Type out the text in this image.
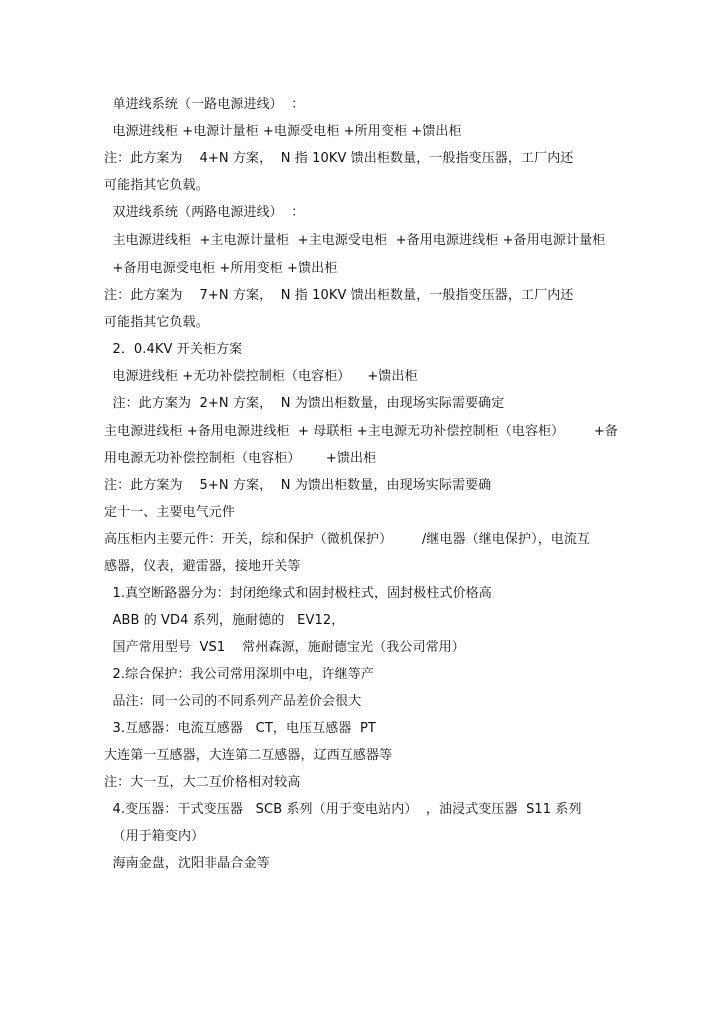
单进线系统（一路电源进线）  ：
电源进线柜 +电源计量柜 +电源受电柜 +所用变柜 +馈出柜
注：此方案为    4+N 方案，  N 指 10KV 馈出柜数量，一般指变压器，工厂内还
可能指其它负载。
双进线系统（两路电源进线）  ：
主电源进线柜  +主电源计量柜  +主电源受电柜  +备用电源进线柜 +备用电源计量柜
+备用电源受电柜 +所用变柜 +馈出柜
注：此方案为    7+N 方案，  N 指 10KV 馈出柜数量，一般指变压器，工厂内还
可能指其它负载。
2．0.4KV 开关柜方案
电源进线柜 +无功补偿控制柜（电容柜）    +馈出柜
注：此方案为  2+N 方案，  N 为馈出柜数量，由现场实际需要确定
主电源进线柜 +备用电源进线柜  + 母联柜 +主电源无功补偿控制柜（电容柜）       +备
用电源无功补偿控制柜（电容柜）      +馈出柜
注：此方案为    5+N 方案，  N 为馈出柜数量，由现场实际需要确
定十一、主要电气元件
高压柜内主要元件：开关，综和保护（微机保护）       /继电器（继电保护），电流互
感器，仪表，避雷器，接地开关等
1.真空断路器分为：封闭绝缘式和固封极柱式，固封极柱式价格高
ABB 的 VD4 系列，施耐德的   EV12，
国产常用型号  VS1    常州森源，施耐德宝光（我公司常用）
2.综合保护：我公司常用深圳中电，许继等产
品注：同一公司的不同系列产品差价会很大
3.互感器：电流互感器   CT，电压互感器  PT
大连第一互感器，大连第二互感器，辽西互感器等
注：大一互，大二互价格相对较高
4.变压器：干式变压器   SCB 系列（用于变电站内）  ，油浸式变压器  S11 系列
（用于箱变内）
海南金盘，沈阳非晶合金等
